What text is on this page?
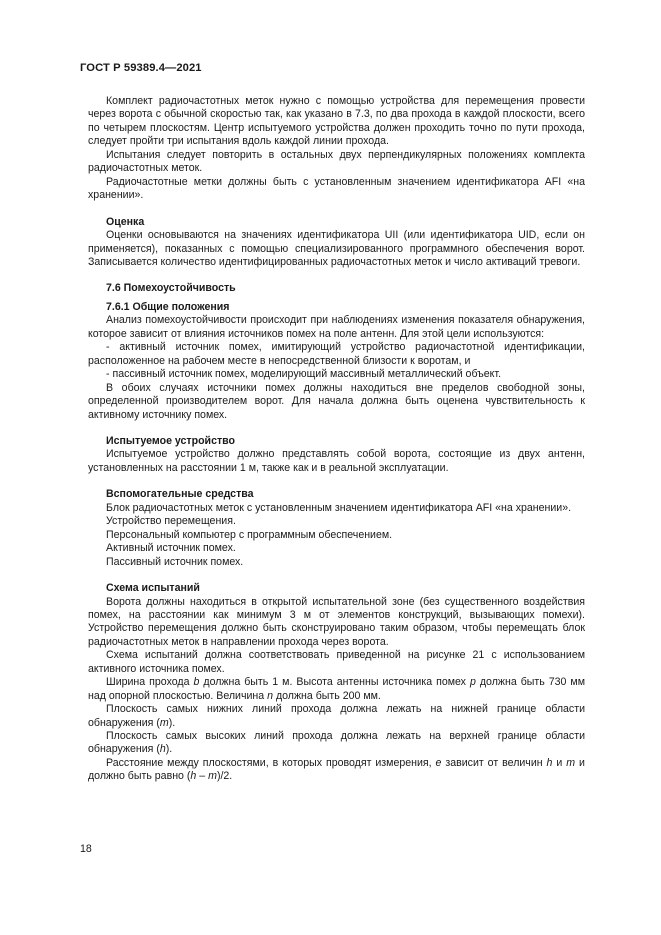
ГОСТ Р 59389.4—2021

Комплект радиочастотных меток нужно с помощью устройства для перемещения провести через ворота с обычной скоростью так, как указано в 7.3, по два прохода в каждой плоскости, всего по четырем плоскостям. Центр испытуемого устройства должен проходить точно по пути прохода, следует пройти три испытания вдоль каждой линии прохода.

Испытания следует повторить в остальных двух перпендикулярных положениях комплекта радиочастотных меток.

Радиочастотные метки должны быть с установленным значением идентификатора AFI «на хранении».

Оценка

Оценки основываются на значениях идентификатора UII (или идентификатора UID, если он применяется), показанных с помощью специализированного программного обеспечения ворот. Записывается количество идентифицированных радиочастотных меток и число активаций тревоги.

7.6 Помехоустойчивость

7.6.1 Общие положения

Анализ помехоустойчивости происходит при наблюдениях изменения показателя обнаружения, которое зависит от влияния источников помех на поле антенн. Для этой цели используются:

- активный источник помех, имитирующий устройство радиочастотной идентификации, расположенное на рабочем месте в непосредственной близости к воротам, и

- пассивный источник помех, моделирующий массивный металлический объект.

В обоих случаях источники помех должны находиться вне пределов свободной зоны, определенной производителем ворот. Для начала должна быть оценена чувствительность к активному источнику помех.

Испытуемое устройство

Испытуемое устройство должно представлять собой ворота, состоящие из двух антенн, установленных на расстоянии 1 м, также как и в реальной эксплуатации.

Вспомогательные средства

Блок радиочастотных меток с установленным значением идентификатора AFI «на хранении».

Устройство перемещения.

Персональный компьютер с программным обеспечением.

Активный источник помех.

Пассивный источник помех.

Схема испытаний

Ворота должны находиться в открытой испытательной зоне (без существенного воздействия помех, на расстоянии как минимум 3 м от элементов конструкций, вызывающих помехи). Устройство перемещения должно быть сконструировано таким образом, чтобы перемещать блок радиочастотных меток в направлении прохода через ворота.

Схема испытаний должна соответствовать приведенной на рисунке 21 с использованием активного источника помех.

Ширина прохода b должна быть 1 м. Высота антенны источника помех p должна быть 730 мм над опорной плоскостью. Величина n должна быть 200 мм.

Плоскость самых нижних линий прохода должна лежать на нижней границе области обнаружения (m).

Плоскость самых высоких линий прохода должна лежать на верхней границе области обнаружения (h).

Расстояние между плоскостями, в которых проводят измерения, e зависит от величин h и m и должно быть равно (h – m)/2.

18
